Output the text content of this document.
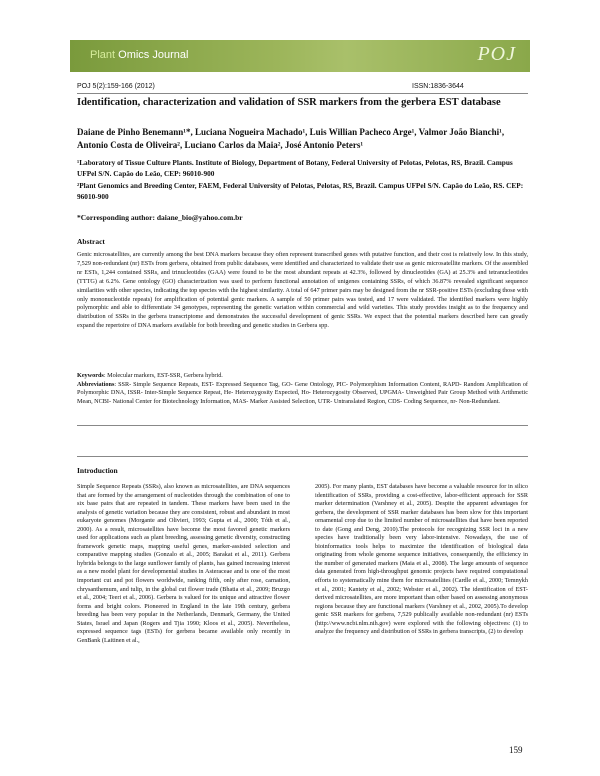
Plant Omics Journal	POJ
POJ 5(2):159-166 (2012)	ISSN:1836-3644
Identification, characterization and validation of SSR markers from the gerbera EST database
Daiane de Pinho Benemann¹*, Luciana Nogueira Machado¹, Luis Willian Pacheco Arge¹, Valmor João Bianchi¹, Antonio Costa de Oliveira², Luciano Carlos da Maia², José Antonio Peters¹
¹Laboratory of Tissue Culture Plants. Institute of Biology, Department of Botany, Federal University of Pelotas, Pelotas, RS, Brazil. Campus UFPel S/N. Capão do Leão, CEP: 96010-900
²Plant Genomics and Breeding Center, FAEM, Federal University of Pelotas, Pelotas, RS, Brazil. Campus UFPel S/N. Capão do Leão, RS. CEP: 96010-900
*Corresponding author: daiane_bio@yahoo.com.br
Abstract
Genic microsatellites, are currently among the best DNA markers because they often represent transcribed genes with putative function, and their cost is relatively low. In this study, 7,529 non-redundant (nr) ESTs from gerbera, obtained from public databases, were identified and characterized to validate their use as genic microsatellite markers. Of the assembled nr ESTs, 1,244 contained SSRs, and trinucleotides (GAA) were found to be the most abundant repeats at 42.3%, followed by dinucleotides (GA) at 25.3% and tetranucleotides (TTTG) at 6.2%. Gene ontology (GO) characterization was used to perform functional annotation of unigenes containing SSRs, of which 36.87% revealed significant sequence similarities with other species, indicating the top species with the highest similarity. A total of 647 primer pairs may be designed from the nr SSR-positive ESTs (excluding those with only mononucleotide repeats) for amplification of potential genic markers. A sample of 50 primer pairs was tested, and 17 were validated. The identified markers were highly polymorphic and able to differentiate 34 genotypes, representing the genetic variation within commercial and wild varieties. This study provides insight as to the frequency and distribution of SSRs in the gerbera transcriptome and demonstrates the successful development of genic SSRs. We expect that the potential markers described here can greatly expand the repertoire of DNA markers available for both breeding and genetic studies in Gerbera spp.
Keywords: Molecular markers, EST-SSR, Gerbera hybrid.
Abbreviations: SSR- Simple Sequence Repeats, EST- Expressed Sequence Tag, GO- Gene Ontology, PIC- Polymorphism Information Content, RAPD- Random Amplification of Polymorphic DNA, ISSR- Inter-Simple Sequence Repeat, He- Heterozygosity Expected, Ho- Heterozygosity Observed, UPGMA- Unweighted Pair Group Method with Arithmetic Mean, NCBI- National Center for Biotechnology Information, MAS- Marker Assisted Selection, UTR- Untranslated Region, CDS- Coding Sequence, nr- Non-Redundant.
Introduction
Simple Sequence Repeats (SSRs), also known as microsatellites, are DNA sequences that are formed by the arrangement of nucleotides through the combination of one to six base pairs that are repeated in tandem. These markers have been used in the analysis of genetic variation because they are consistent, robust and abundant in most eukaryote genomes (Morgante and Olivieri, 1993; Gupta et al., 2000; Tóth et al., 2000). As a result, microsatellites have become the most favored genetic markers used for applications such as plant breeding, assessing genetic diversity, constructing framework genetic maps, mapping useful genes, marker-assisted selection and comparative mapping studies (Gonzalo et al., 2005; Barakat et al., 2011). Gerbera hybrida belongs to the large sunflower family of plants, has gained increasing interest as a new model plant for developmental studies in Asteraceae and is one of the most important cut and pot flowers worldwide, ranking fifth, only after rose, carnation, chrysanthemum, and tulip, in the global cut flower trade (Bhatia et al., 2009; Bruzgo et al., 2004; Teeri et al., 2006). Gerbera is valued for its unique and attractive flower forms and bright colors. Pioneered in England in the late 19th century, gerbera breeding has been very popular in the Netherlands, Denmark, Germany, the United States, Israel and Japan (Rogers and Tjia 1990; Kloos et al., 2005). Nevertheless, expressed sequence tags (ESTs) for gerbera became available only recently in GenBank (Laitinen et al.,
2005). For many plants, EST databases have become a valuable resource for in silico identification of SSRs, providing a cost-effective, labor-efficient approach for SSR marker determination (Varshney et al., 2005). Despite the apparent advantages for gerbera, the development of SSR marker databases has been slow for this important ornamental crop due to the limited number of microsatellites that have been reported to date (Gong and Deng, 2010).The protocols for recognizing SSR loci in a new species have traditionally been very labor-intensive. Nowadays, the use of bioinformatics tools helps to maximize the identification of biological data originating from whole genome sequence initiatives, consequently, the efficiency in the number of generated markers (Maia et al., 2008). The large amounts of sequence data generated from high-throughput genomic projects have required computational efforts to systematically mine them for microsatellites (Cardle et al., 2000; Temnykh et al., 2001; Kantety et al., 2002; Webster et al., 2002). The identification of EST-derived microsatellites, are more important than other based on assessing anonymous regions because they are functional markers (Varshney et al., 2002, 2005).To develop genic SSR markers for gerbera, 7,529 publically available non-redundant (nr) ESTs (http://www.ncbi.nlm.nih.gov) were explored with the following objectives: (1) to analyze the frequency and distribution of SSRs in gerbera transcripts, (2) to develop
159
